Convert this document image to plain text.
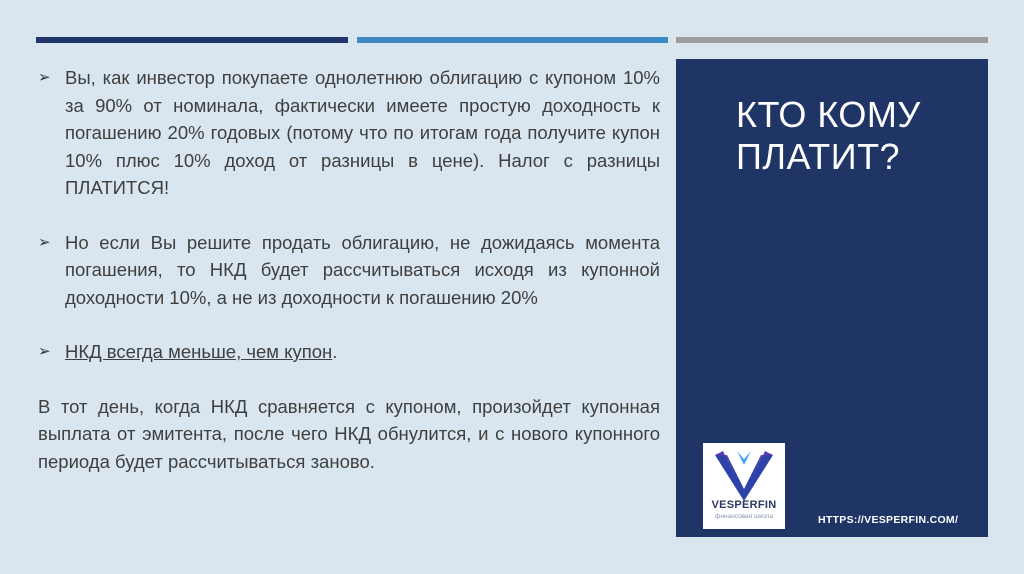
➢ Вы, как инвестор покупаете однолетнюю облигацию с купоном 10% за 90% от номинала, фактически имеете простую доходность к погашению 20% годовых (потому что по итогам года получите купон 10% плюс 10% доход от разницы в цене). Налог с разницы ПЛАТИТСЯ!
➢ Но если Вы решите продать облигацию, не дожидаясь момента погашения, то НКД будет рассчитываться исходя из купонной доходности 10%, а не из доходности к погашению 20%
➢ НКД всегда меньше, чем купон.

В тот день, когда НКД сравняется с купоном, произойдет купонная выплата от эмитента, после чего НКД обнулится, и с нового купонного периода будет рассчитываться заново.

КТО КОМУ ПЛАТИТ?
VESPERFIN
финансовая школа	HTTPS://VESPERFIN.COM/
